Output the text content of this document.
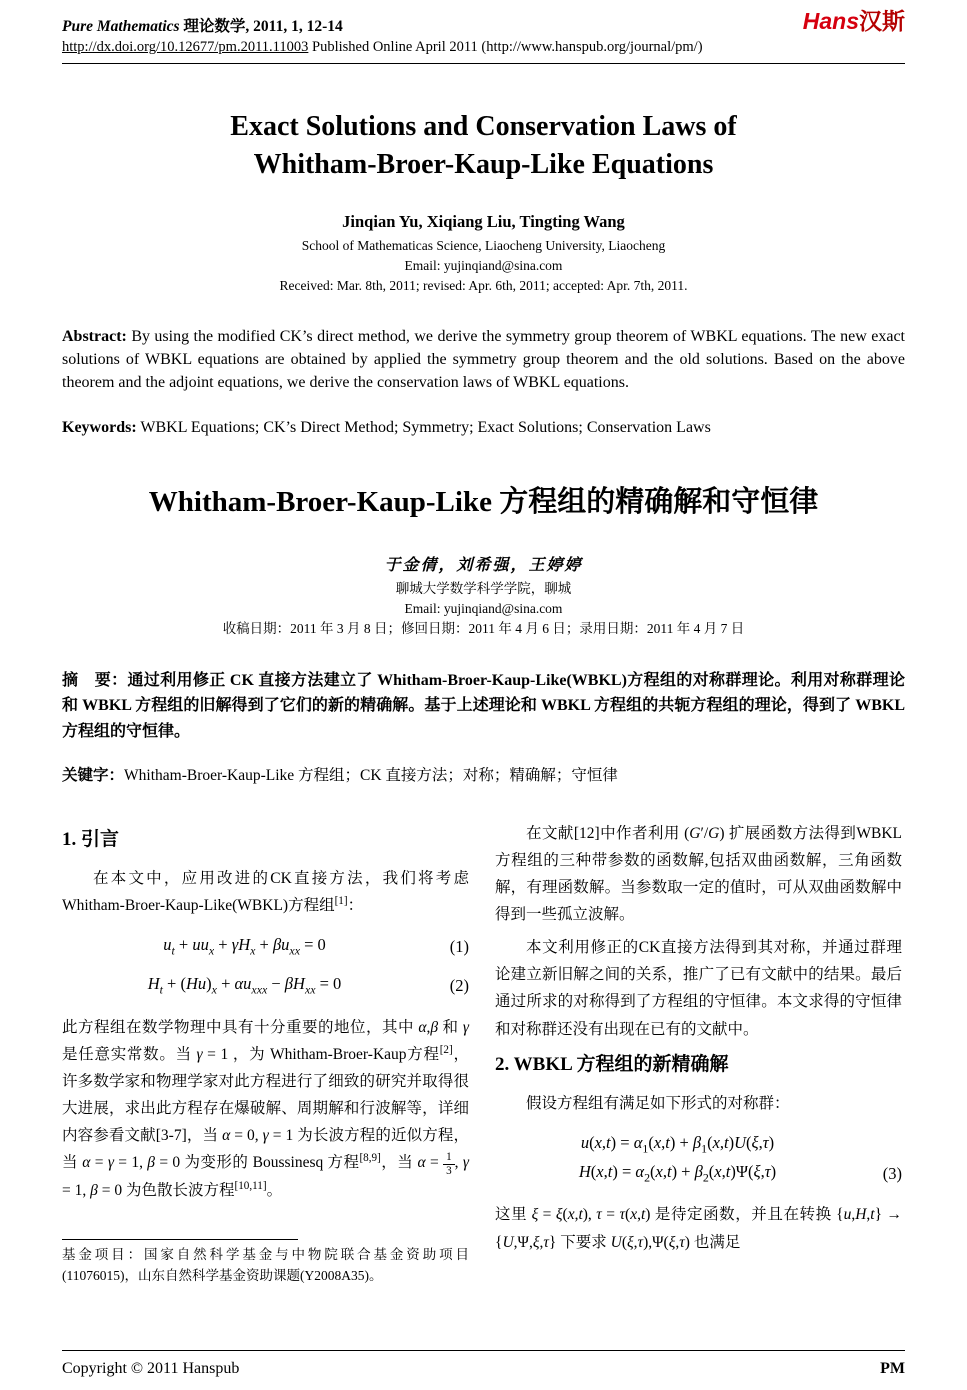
Pure Mathematics 理论数学, 2011, 1, 12-14	Hans汉斯
http://dx.doi.org/10.12677/pm.2011.11003 Published Online April 2011 (http://www.hanspub.org/journal/pm/)
Exact Solutions and Conservation Laws of
Whitham-Broer-Kaup-Like Equations
Jinqian Yu, Xiqiang Liu, Tingting Wang
School of Mathematicas Science, Liaocheng University, Liaocheng
Email: yujinqiand@sina.com
Received: Mar. 8th, 2011; revised: Apr. 6th, 2011; accepted: Apr. 7th, 2011.
Abstract: By using the modified CK’s direct method, we derive the symmetry group theorem of WBKL equations. The new exact solutions of WBKL equations are obtained by applied the symmetry group theorem and the old solutions. Based on the above theorem and the adjoint equations, we derive the conservation laws of WBKL equations.
Keywords: WBKL Equations; CK’s Direct Method; Symmetry; Exact Solutions; Conservation Laws
Whitham-Broer-Kaup-Like 方程组的精确解和守恒律
于金倩，刘希强，王婷婷
聊城大学数学科学学院，聊城
Email: yujinqiand@sina.com
收稿日期：2011 年 3 月 8 日；修回日期：2011 年 4 月 6 日；录用日期：2011 年 4 月 7 日
摘　要：通过利用修正 CK 直接方法建立了 Whitham-Broer-Kaup-Like(WBKL)方程组的对称群理论。利用对称群理论和 WBKL 方程组的旧解得到了它们的新的精确解。基于上述理论和 WBKL 方程组的共轭方程组的理论，得到了 WBKL 方程组的守恒律。
关键字：Whitham-Broer-Kaup-Like 方程组；CK 直接方法；对称；精确解；守恒律
1. 引言

在本文中，应用改进的CK直接方法，我们将考虑Whitham-Broer-Kaup-Like(WBKL)方程组[1]：

$u_t + uu_x + \gamma H_x + \beta u_{xx} = 0$	(1)
$H_t + (Hu)_x + \alpha u_{xxx} - \beta H_{xx} = 0$	(2)

此方程组在数学物理中具有十分重要的地位，其中 α,β 和 γ 是任意实常数。当 γ = 1 ，为 Whitham-Broer-Kaup方程[2]，许多数学家和物理学家对此方程进行了细致的研究并取得很大进展，求出此方程存在爆破解、周期解和行波解等，详细内容参看文献[3-7]，当 α = 0, γ = 1 为长波方程的近似方程，当 α = γ = 1, β = 0 为变形的 Boussinesq 方程[8,9]，当 $\alpha = \frac{1}{3}$ , γ = 1, β = 0 为色散长波方程[10,11]。

基金项目：国家自然科学基金与中物院联合基金资助项目(11076015)，山东自然科学基金资助课题(Y2008A35)。

在文献[12]中作者利用 (G′/G) 扩展函数方法得到WBKL方程组的三种带参数的函数解,包括双曲函数解，三角函数解，有理函数解。当参数取一定的值时，可从双曲函数解中得到一些孤立波解。

本文利用修正的CK直接方法得到其对称，并通过群理论建立新旧解之间的关系，推广了已有文献中的结果。最后通过所求的对称得到了方程组的守恒律。本文求得的守恒律和对称群还没有出现在已有的文献中。

2. WBKL 方程组的新精确解

假设方程组有满足如下形式的对称群：

$u(x,t) = \alpha_1(x,t) + \beta_1(x,t)U(\xi,\tau)$
$H(x,t) = \alpha_2(x,t) + \beta_2(x,t)\Psi(\xi,\tau)$	(3)

这里 ξ = ξ(x,t), τ = τ(x,t) 是待定函数，并且在转换 {u,H,t} → {U,Ψ,ξ,τ} 下要求 U(ξ,τ),Ψ(ξ,τ) 也满足

Copyright © 2011 Hanspub	PM
